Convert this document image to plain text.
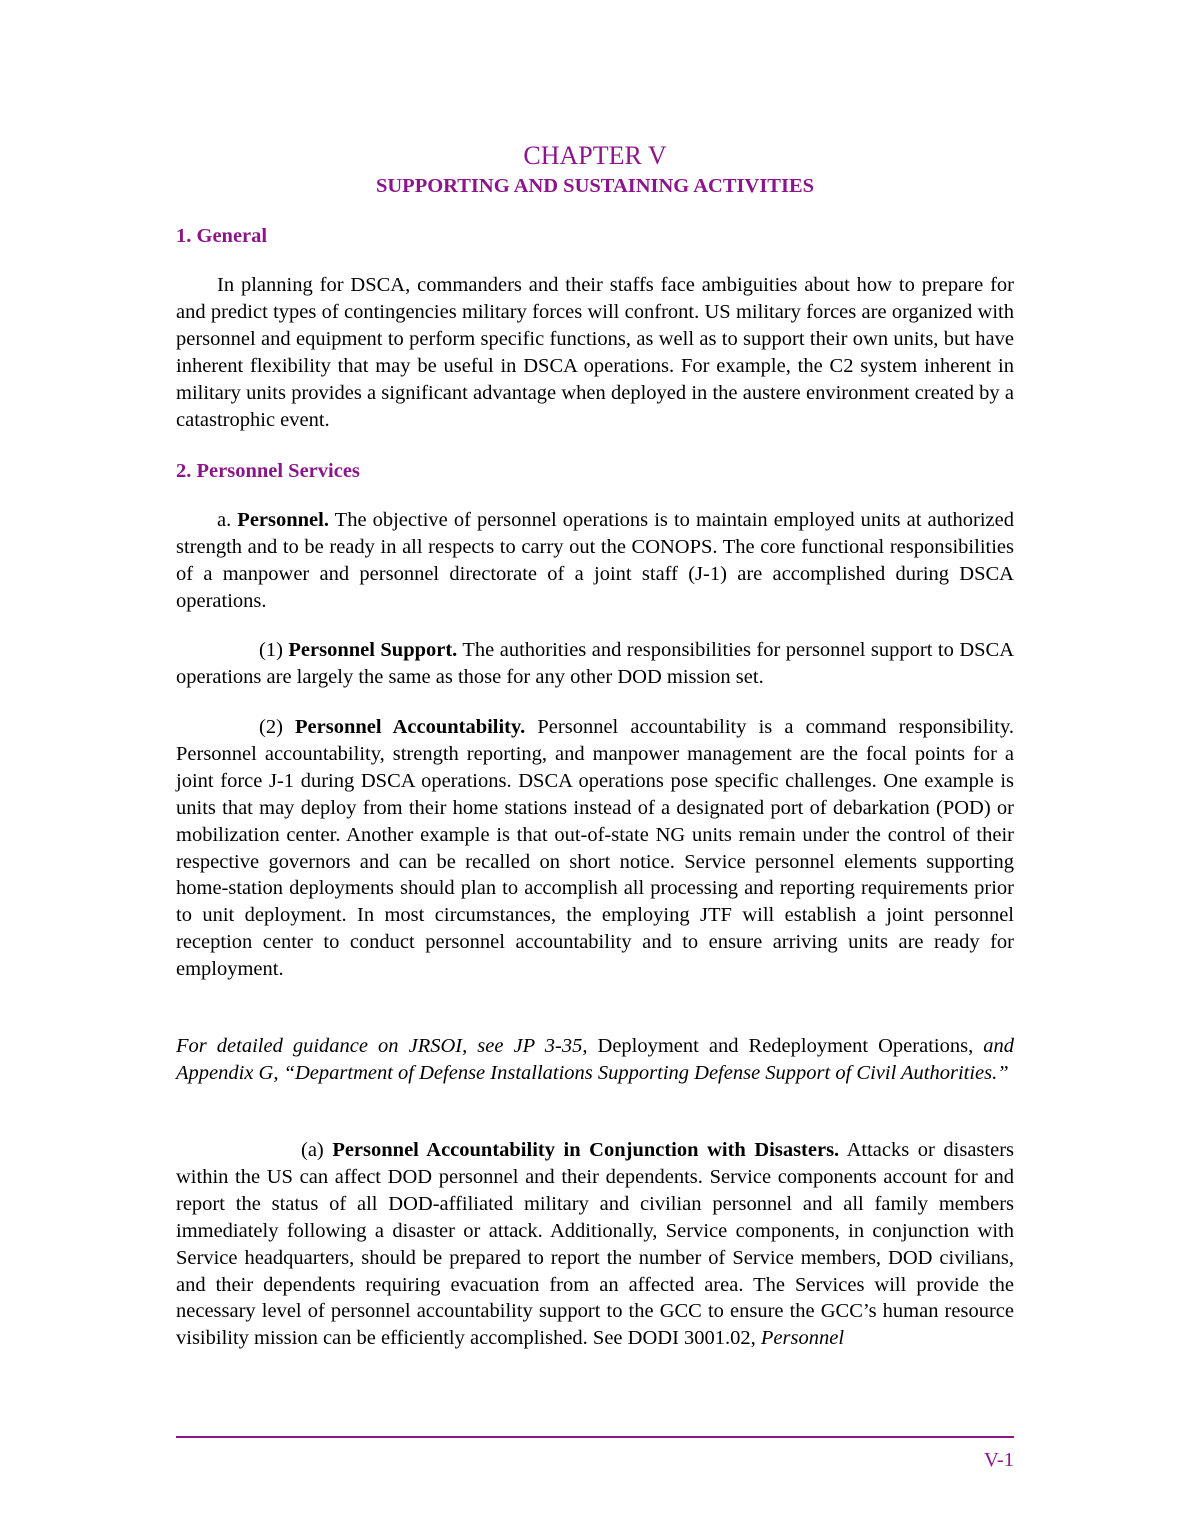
CHAPTER V
SUPPORTING AND SUSTAINING ACTIVITIES
1. General

In planning for DSCA, commanders and their staffs face ambiguities about how to prepare for and predict types of contingencies military forces will confront. US military forces are organized with personnel and equipment to perform specific functions, as well as to support their own units, but have inherent flexibility that may be useful in DSCA operations. For example, the C2 system inherent in military units provides a significant advantage when deployed in the austere environment created by a catastrophic event.

2. Personnel Services

a. Personnel. The objective of personnel operations is to maintain employed units at authorized strength and to be ready in all respects to carry out the CONOPS. The core functional responsibilities of a manpower and personnel directorate of a joint staff (J-1) are accomplished during DSCA operations.

(1) Personnel Support. The authorities and responsibilities for personnel support to DSCA operations are largely the same as those for any other DOD mission set.

(2) Personnel Accountability. Personnel accountability is a command responsibility. Personnel accountability, strength reporting, and manpower management are the focal points for a joint force J-1 during DSCA operations. DSCA operations pose specific challenges. One example is units that may deploy from their home stations instead of a designated port of debarkation (POD) or mobilization center. Another example is that out-of-state NG units remain under the control of their respective governors and can be recalled on short notice. Service personnel elements supporting home-station deployments should plan to accomplish all processing and reporting requirements prior to unit deployment. In most circumstances, the employing JTF will establish a joint personnel reception center to conduct personnel accountability and to ensure arriving units are ready for employment.

For detailed guidance on JRSOI, see JP 3-35, Deployment and Redeployment Operations, and Appendix G, “Department of Defense Installations Supporting Defense Support of Civil Authorities.”

(a) Personnel Accountability in Conjunction with Disasters. Attacks or disasters within the US can affect DOD personnel and their dependents. Service components account for and report the status of all DOD-affiliated military and civilian personnel and all family members immediately following a disaster or attack. Additionally, Service components, in conjunction with Service headquarters, should be prepared to report the number of Service members, DOD civilians, and their dependents requiring evacuation from an affected area. The Services will provide the necessary level of personnel accountability support to the GCC to ensure the GCC’s human resource visibility mission can be efficiently accomplished. See DODI 3001.02, Personnel

V-1
